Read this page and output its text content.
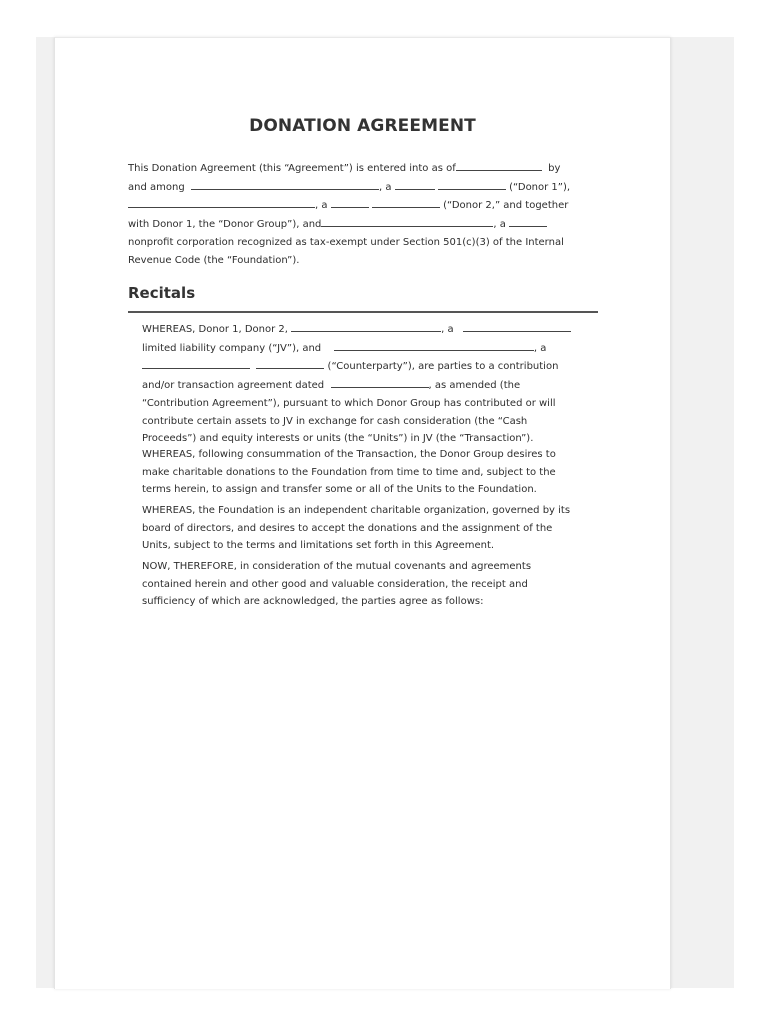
DONATION AGREEMENT
This Donation Agreement (this “Agreement”) is entered into as of	by
and among	, a	(“Donor 1”),
, a	(“Donor 2,” and together
with Donor 1, the “Donor Group”), and	, a
nonprofit corporation recognized as tax-exempt under Section 501(c)(3) of the Internal
Revenue Code (the “Foundation”).
Recitals
WHEREAS, Donor 1, Donor 2,	, a
limited liability company (“JV”), and	, a
(“Counterparty”), are parties to a contribution
and/or transaction agreement dated	, as amended (the
“Contribution Agreement”), pursuant to which Donor Group has contributed or will
contribute certain assets to JV in exchange for cash consideration (the “Cash
Proceeds”) and equity interests or units (the “Units”) in JV (the “Transaction”).
WHEREAS, following consummation of the Transaction, the Donor Group desires to
make charitable donations to the Foundation from time to time and, subject to the
terms herein, to assign and transfer some or all of the Units to the Foundation.
WHEREAS, the Foundation is an independent charitable organization, governed by its
board of directors, and desires to accept the donations and the assignment of the
Units, subject to the terms and limitations set forth in this Agreement.
NOW, THEREFORE, in consideration of the mutual covenants and agreements
contained herein and other good and valuable consideration, the receipt and
sufficiency of which are acknowledged, the parties agree as follows:
